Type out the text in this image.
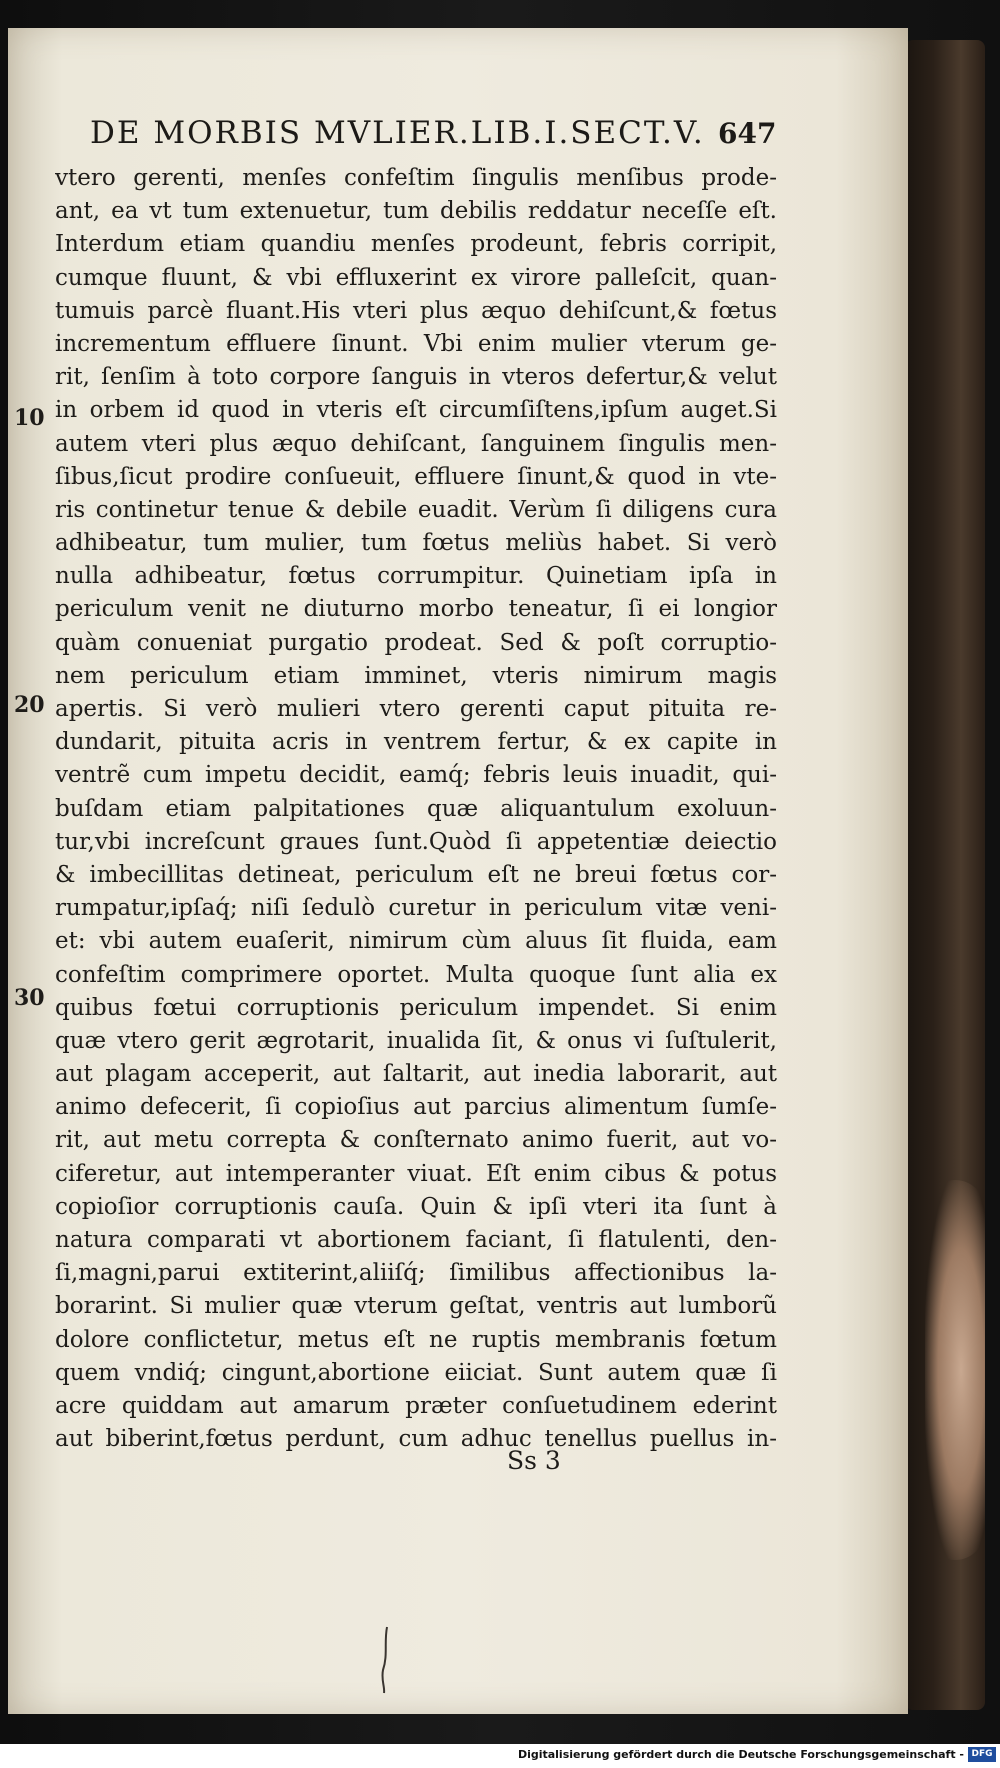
DE MORBIS MVLIER.LIB.I.SECT.V. 647
10
20
30
vtero gerenti, menſes confeſtim ſingulis menſibus prode-
ant, ea vt tum extenuetur, tum debilis reddatur neceſſe eſt.
Interdum etiam quandiu menſes prodeunt, febris corripit,
cumque fluunt, & vbi effluxerint ex virore palleſcit, quan-
tumuis parcè fluant.His vteri plus æquo dehiſcunt,& fœtus
incrementum effluere ſinunt. Vbi enim mulier vterum ge-
rit, ſenſim à toto corpore ſanguis in vteros defertur,& velut
in orbem id quod in vteris eſt circumſiſtens,ipſum auget.Si
autem vteri plus æquo dehiſcant, ſanguinem ſingulis men-
ſibus,ſicut prodire conſueuit, effluere ſinunt,& quod in vte-
ris continetur tenue & debile euadit. Verùm ſi diligens cura
adhibeatur, tum mulier, tum fœtus meliùs habet. Si verò
nulla adhibeatur, fœtus corrumpitur. Quinetiam ipſa in
periculum venit ne diuturno morbo teneatur, ſi ei longior
quàm conueniat purgatio prodeat. Sed & poſt corruptio-
nem periculum etiam imminet, vteris nimirum magis
apertis. Si verò mulieri vtero gerenti caput pituita re-
dundarit, pituita acris in ventrem fertur, & ex capite in
ventrẽ cum impetu decidit, eamq́; febris leuis inuadit, qui-
buſdam etiam palpitationes quæ aliquantulum exoluun-
tur,vbi increſcunt graues ſunt.Quòd ſi appetentiæ deiectio
& imbecillitas detineat, periculum eſt ne breui fœtus cor-
rumpatur,ipſaq́; niſi ſedulò curetur in periculum vitæ veni-
et: vbi autem euaſerit, nimirum cùm aluus ſit fluida, eam
confeſtim comprimere oportet. Multa quoque ſunt alia ex
quibus fœtui corruptionis periculum impendet. Si enim
quæ vtero gerit ægrotarit, inualida ſit, & onus vi ſuſtulerit,
aut plagam acceperit, aut ſaltarit, aut inedia laborarit, aut
animo defecerit, ſi copioſius aut parcius alimentum ſumſe-
rit, aut metu correpta & conſternato animo fuerit, aut vo-
ciferetur, aut intemperanter viuat. Eſt enim cibus & potus
copioſior corruptionis cauſa. Quin & ipſi vteri ita ſunt à
natura comparati vt abortionem faciant, ſi flatulenti, den-
ſi,magni,parui extiterint,aliiſq́; ſimilibus affectionibus la-
borarint. Si mulier quæ vterum geſtat, ventris aut lumborũ
dolore conflictetur, metus eſt ne ruptis membranis fœtum
quem vndiq́; cingunt,abortione eiiciat. Sunt autem quæ ſi
acre quiddam aut amarum præter conſuetudinem ederint
aut biberint,fœtus perdunt, cum adhuc tenellus puellus in-
Ss 3
Digitalisierung gefördert durch die Deutsche Forschungsgemeinschaft - DFG
